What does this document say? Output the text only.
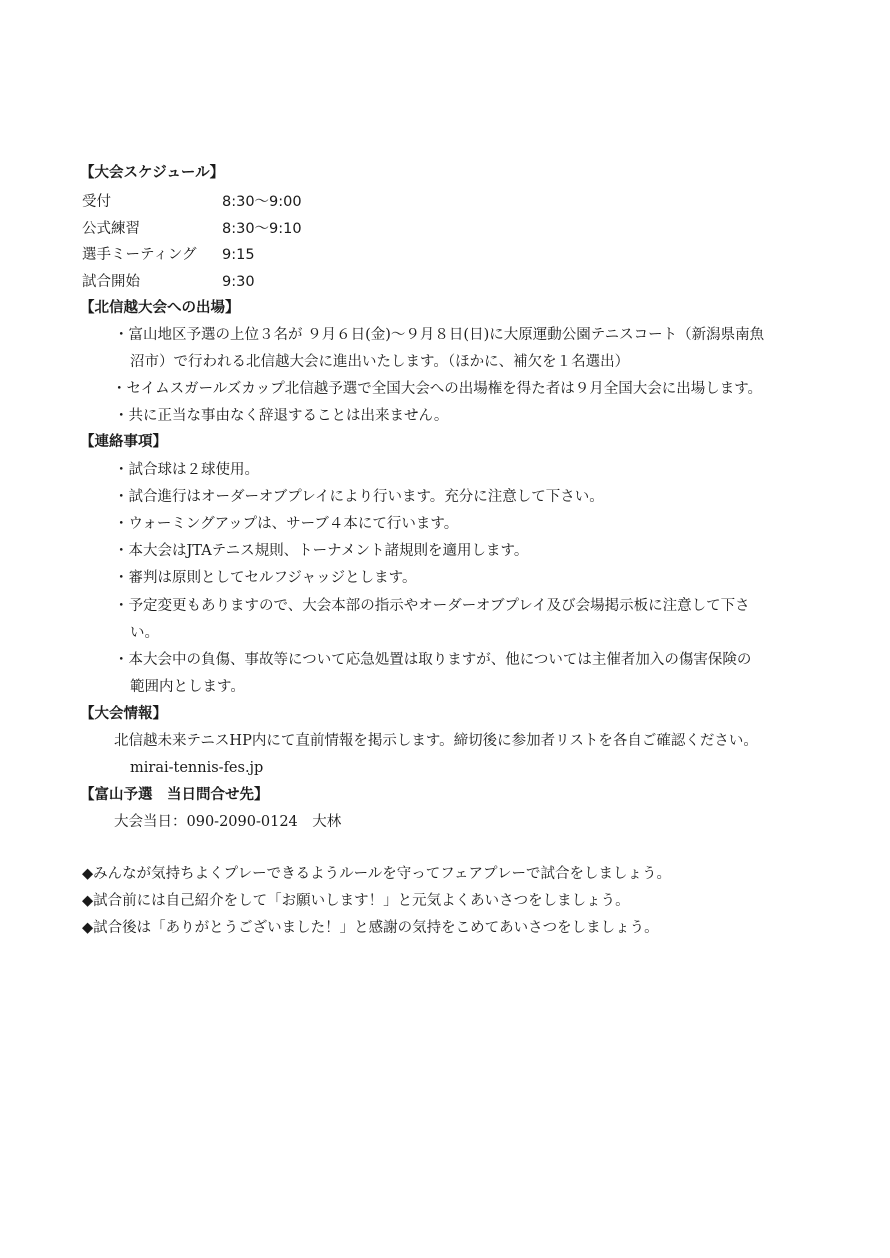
【大会スケジュール】
受付	8:30～9:00
公式練習	8:30～9:10
選手ミーティング 9:15
試合開始	9:30
【北信越大会への出場】
・富山地区予選の上位３名が ９月６日(金)～９月８日(日)に大原運動公園テニスコート（新潟県南魚
沼市）で行われる北信越大会に進出いたします。（ほかに、補欠を１名選出）
・セイムスガールズカップ北信越予選で全国大会への出場権を得た者は９月全国大会に出場します。
・共に正当な事由なく辞退することは出来ません。
【連絡事項】
・試合球は２球使用。
・試合進行はオーダーオブプレイにより行います。充分に注意して下さい。
・ウォーミングアップは、サーブ４本にて行います。
・本大会はJTAテニス規則、トーナメント諸規則を適用します。
・審判は原則としてセルフジャッジとします。
・予定変更もありますので、大会本部の指示やオーダーオブプレイ及び会場掲示板に注意して下さ
い。
・本大会中の負傷、事故等について応急処置は取りますが、他については主催者加入の傷害保険の
範囲内とします。
【大会情報】
北信越未来テニスHP内にて直前情報を掲示します。締切後に参加者リストを各自ご確認ください。
mirai-tennis-fes.jp
【富山予選　当日問合せ先】
大会当日：090-2090-0124　大林
◆みんなが気持ちよくプレーできるようルールを守ってフェアプレーで試合をしましょう。
◆試合前には自己紹介をして「お願いします！」と元気よくあいさつをしましょう。
◆試合後は「ありがとうございました！」と感謝の気持をこめてあいさつをしましょう。
